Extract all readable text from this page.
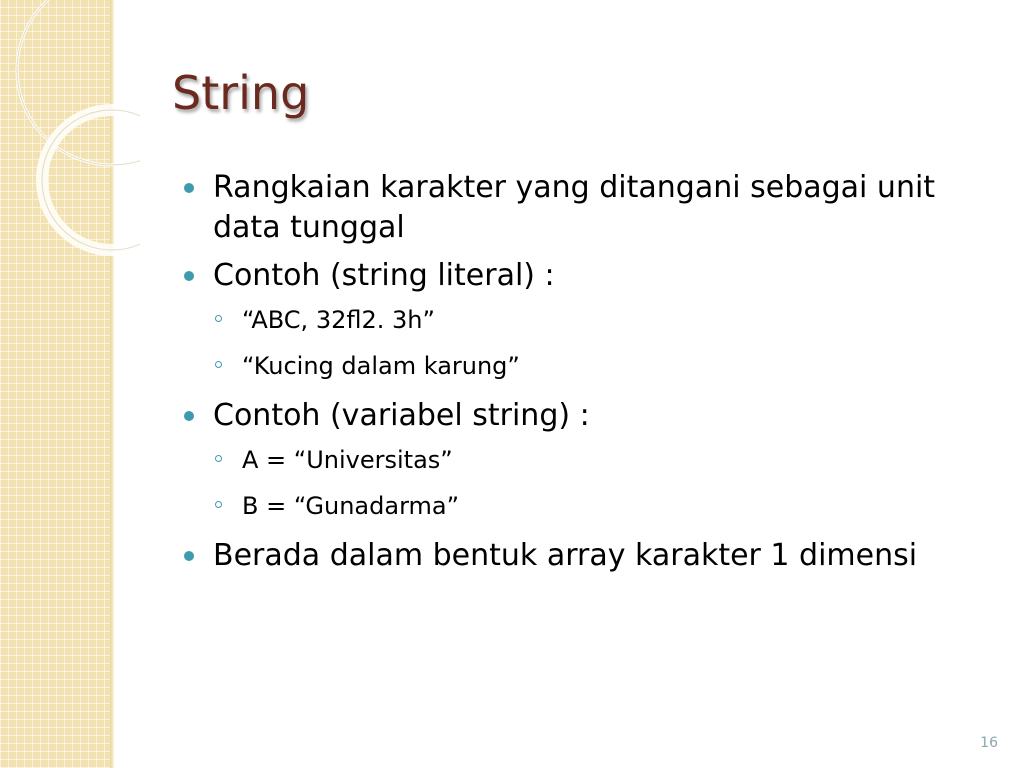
String
Rangkaian karakter yang ditangani sebagai unit data tunggal
Contoh (string literal) :
“ABC, 32fl2. 3h”
“Kucing dalam karung”
Contoh (variabel string) :
A = “Universitas”
B = “Gunadarma”
Berada dalam bentuk array karakter 1 dimensi
16
